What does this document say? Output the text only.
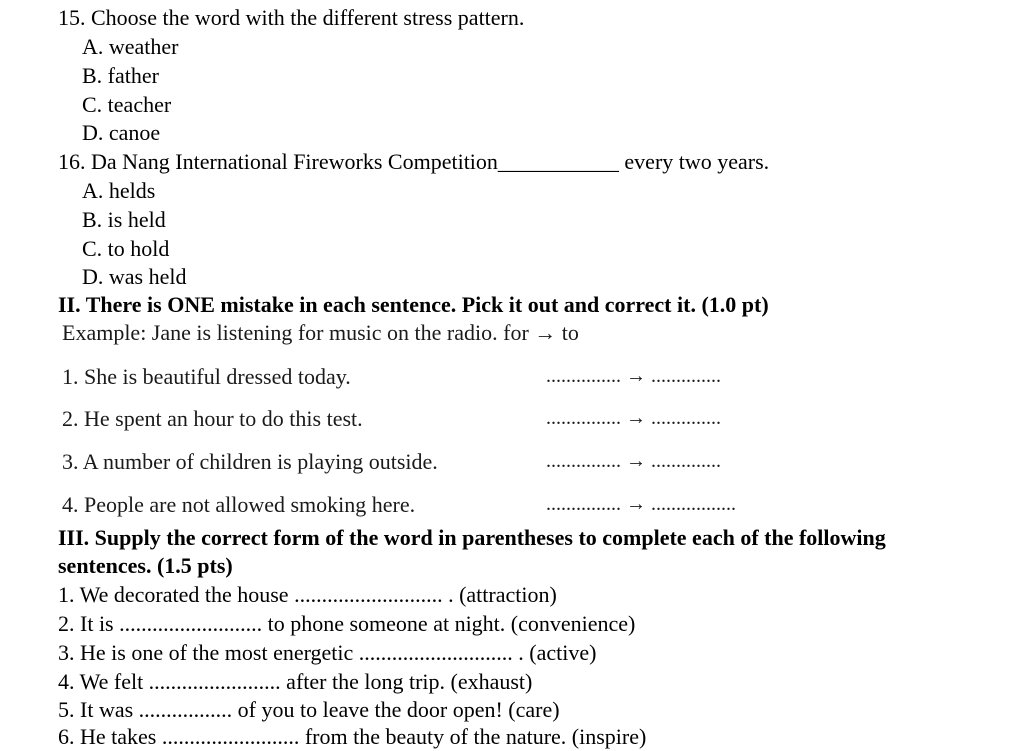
15. Choose the word with the different stress pattern.
A. weather
B. father
C. teacher
D. canoe
16. Da Nang International Fireworks Competition___________ every two years.
A. helds
B. is held
C. to hold
D. was held
II. There is ONE mistake in each sentence. Pick it out and correct it. (1.0 pt)
Example: Jane is listening for music on the radio. for → to
1. She is beautiful dressed today.	............... → ..............
2. He spent an hour to do this test.	............... → ..............
3. A number of children is playing outside.	............... → ..............
4. People are not allowed smoking here.	............... → .................
III. Supply the correct form of the word in parentheses to complete each of the following
sentences. (1.5 pts)
1. We decorated the house ........................... . (attraction)
2. It is .......................... to phone someone at night. (convenience)
3. He is one of the most energetic ............................ . (active)
4. We felt ........................ after the long trip. (exhaust)
5. It was ................. of you to leave the door open! (care)
6. He takes ......................... from the beauty of the nature. (inspire)
